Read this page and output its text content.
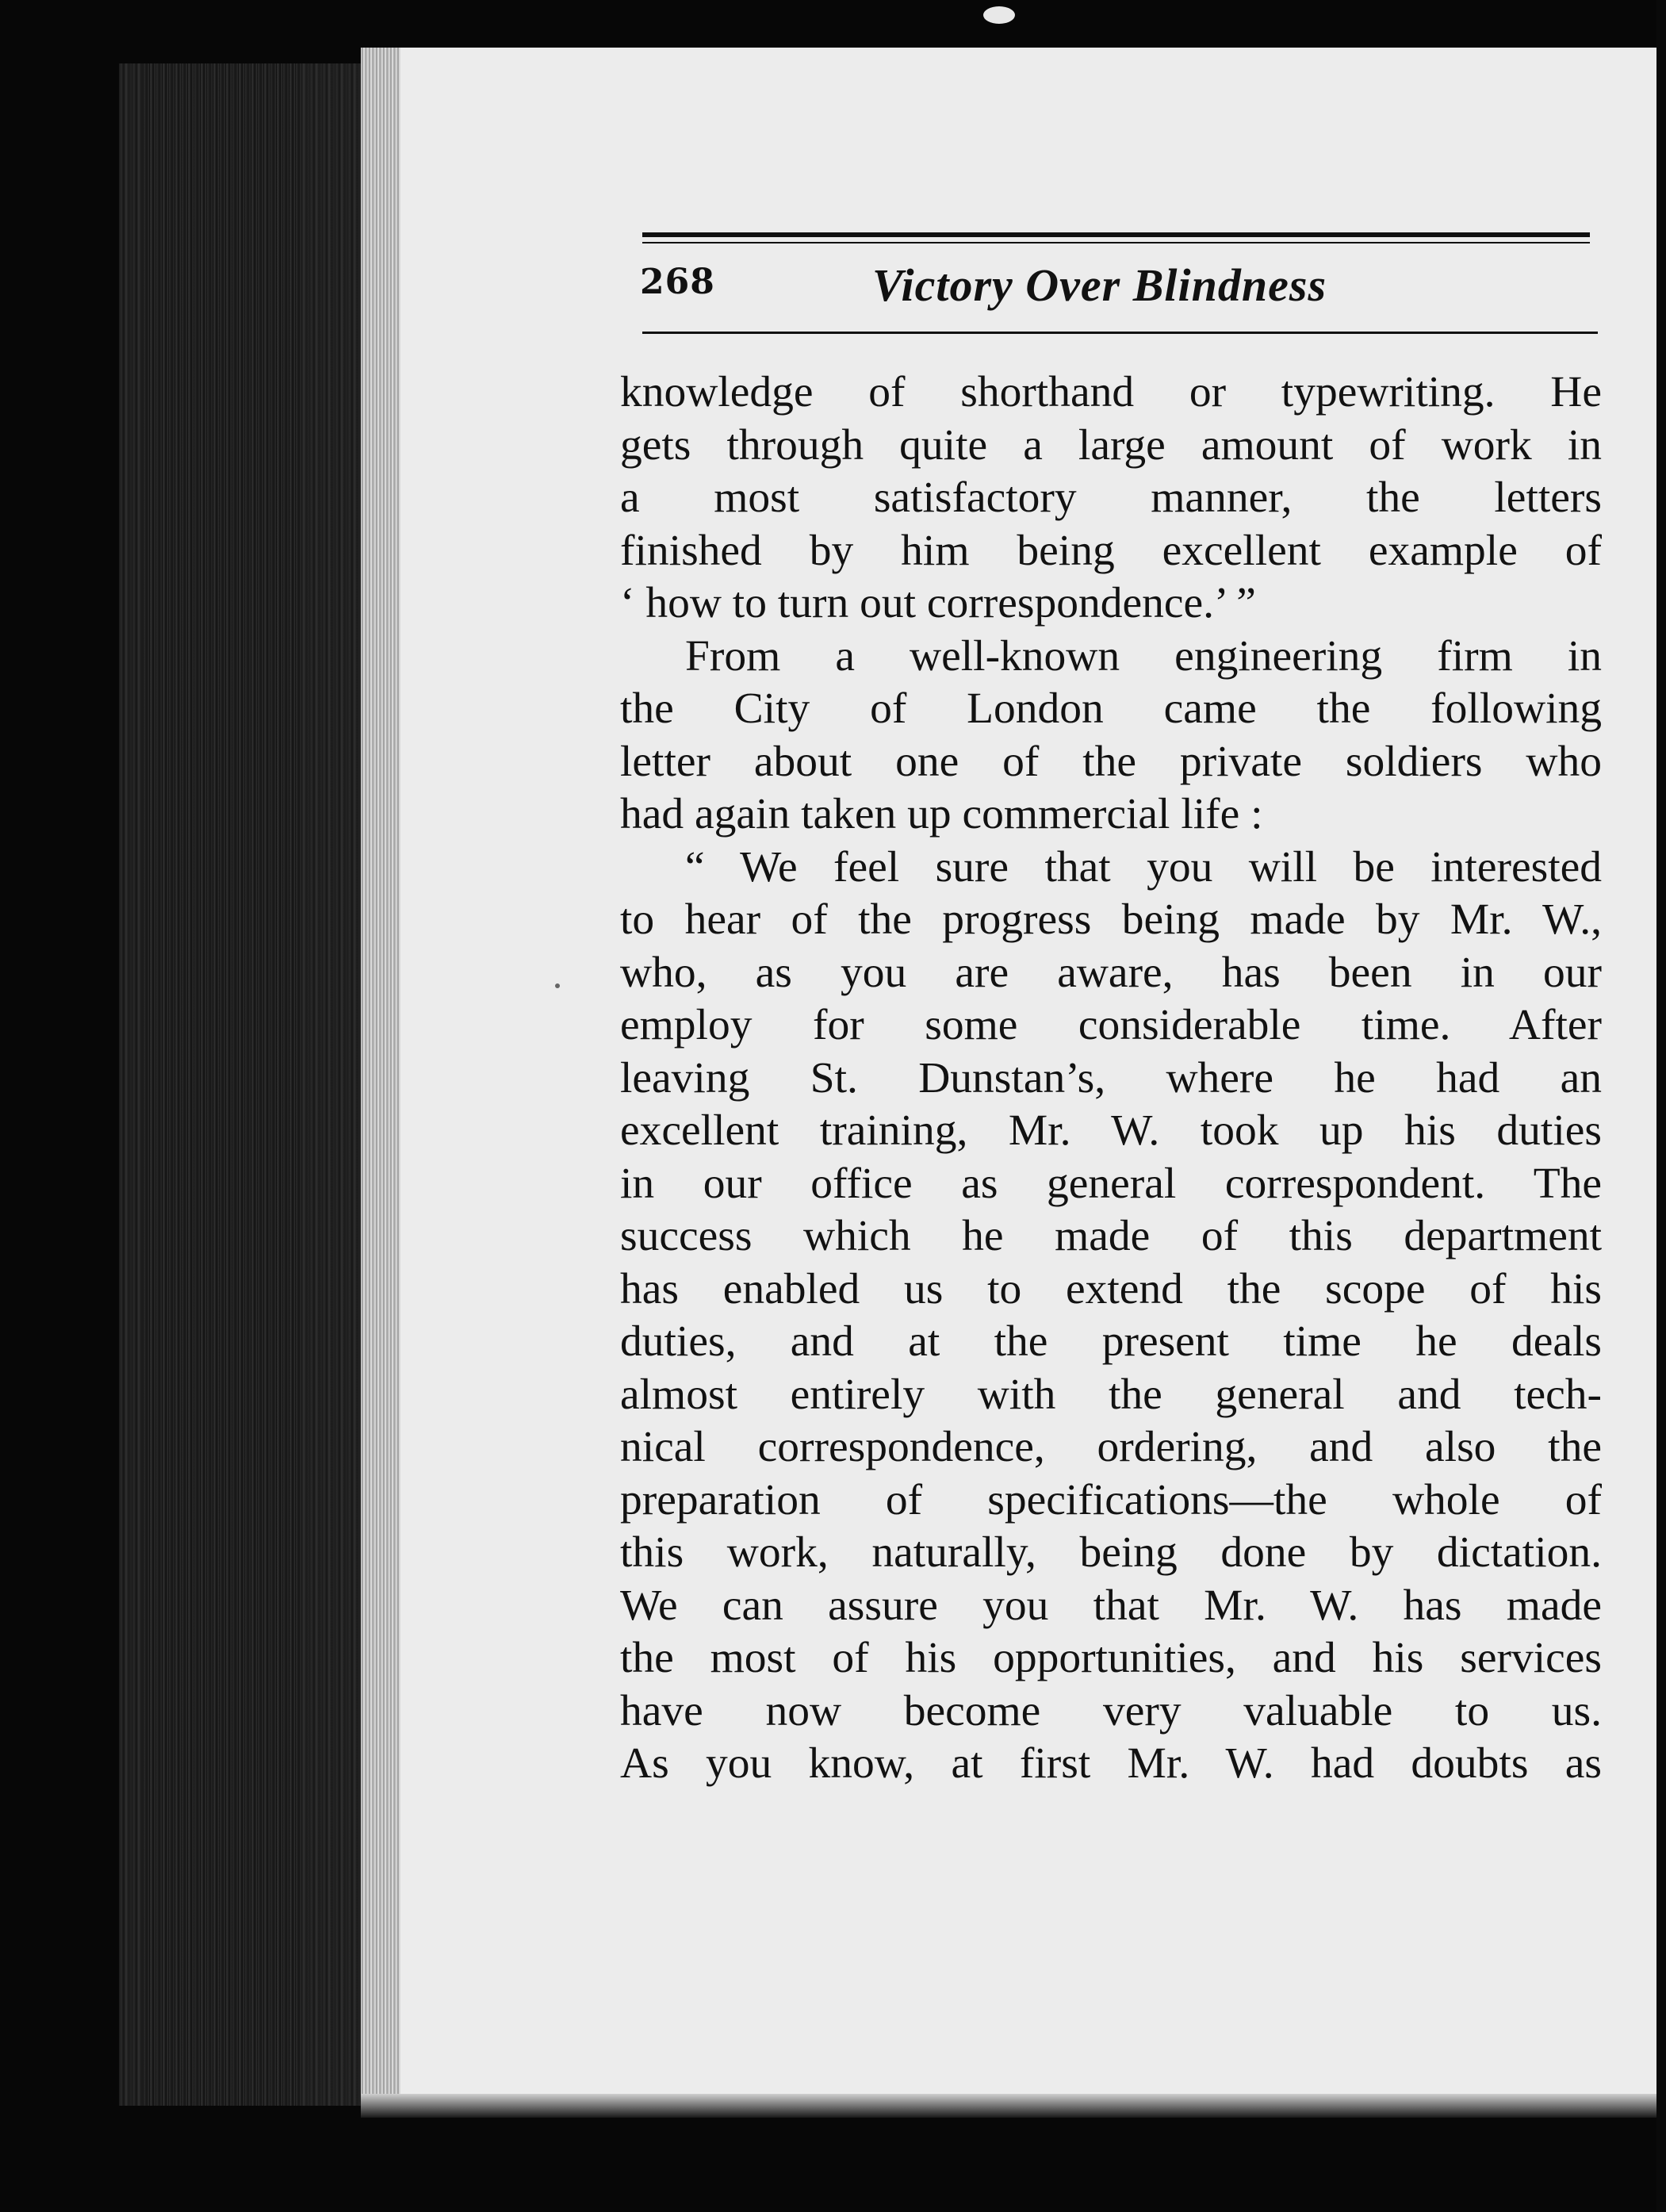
268	Victory Over Blindness
knowledge of shorthand or typewriting. He
gets through quite a large amount of work in
a most satisfactory manner, the letters
finished by him being excellent example of
‘ how to turn out correspondence.’ ”
From a well-known engineering firm in
the City of London came the following
letter about one of the private soldiers who
had again taken up commercial life :
“ We feel sure that you will be interested
to hear of the progress being made by Mr. W.,
who, as you are aware, has been in our
employ for some considerable time. After
leaving St. Dunstan’s, where he had an
excellent training, Mr. W. took up his duties
in our office as general correspondent. The
success which he made of this department
has enabled us to extend the scope of his
duties, and at the present time he deals
almost entirely with the general and tech-
nical correspondence, ordering, and also the
preparation of specifications—the whole of
this work, naturally, being done by dictation.
We can assure you that Mr. W. has made
the most of his opportunities, and his services
have now become very valuable to us.
As you know, at first Mr. W. had doubts as
